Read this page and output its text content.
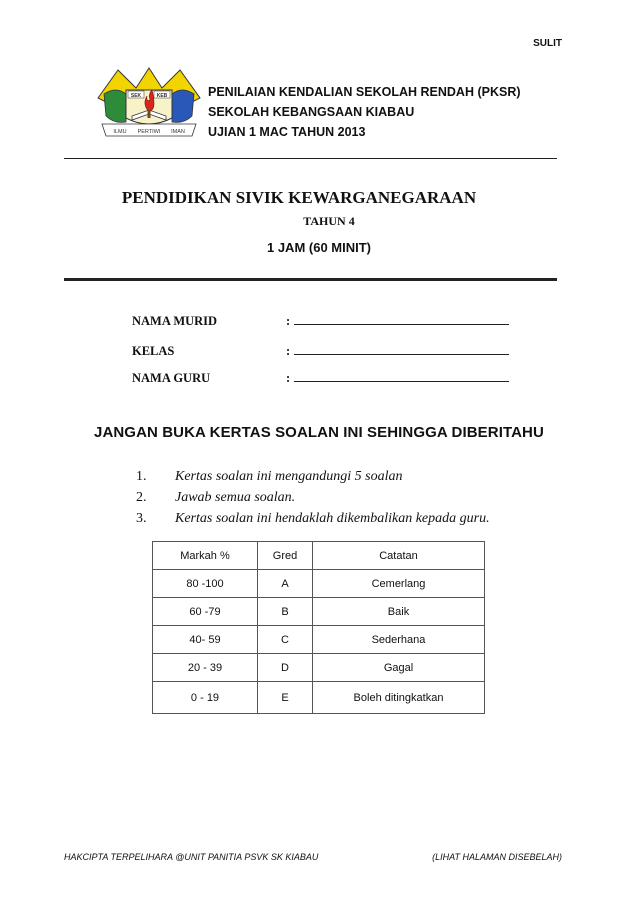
SULIT
SEK	KEB
ILMU PERTIWI IMAN
PENILAIAN KENDALIAN SEKOLAH RENDAH (PKSR)
SEKOLAH KEBANGSAAN KIABAU
UJIAN 1 MAC TAHUN 2013
PENDIDIKAN SIVIK KEWARGANEGARAAN
TAHUN 4
1 JAM (60 MINIT)
NAMA MURID	:
KELAS	:
NAMA GURU	:
JANGAN BUKA KERTAS SOALAN INI SEHINGGA DIBERITAHU
1.	Kertas soalan ini mengandungi 5 soalan
2.	Jawab semua soalan.
3.	Kertas soalan ini hendaklah dikembalikan kepada guru.
Markah %	Gred	Catatan
80 -100	A	Cemerlang
60 -79	B	Baik
40- 59	C	Sederhana
20 - 39	D	Gagal
0 - 19	E	Boleh ditingkatkan
HAKCIPTA TERPELIHARA @UNIT PANITIA PSVK SK KIABAU	(LIHAT HALAMAN DISEBELAH)
